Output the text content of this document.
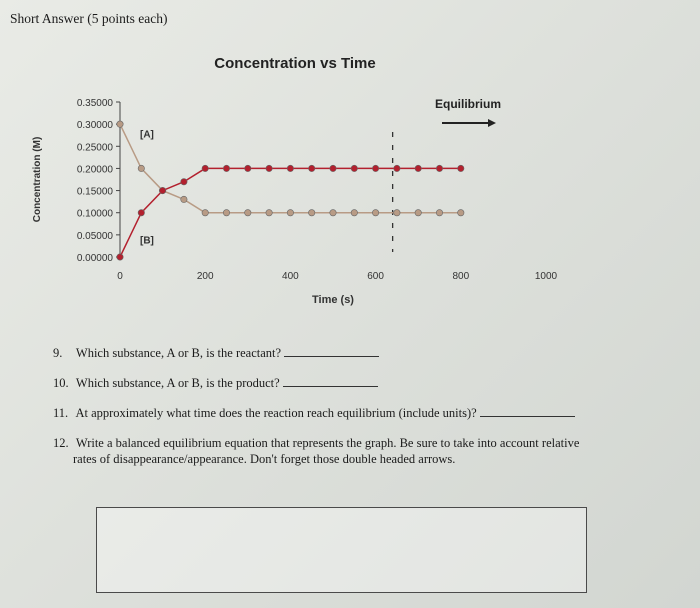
Short Answer (5 points each)
Concentration vs Time
0.00000
0.05000
0.10000
0.15000
0.20000
0.25000
0.30000
0.35000
0	200	400	600	800	1000
Time (s)
Concentration (M)
Equilibrium
[A]
[B]
9. Which substance, A or B, is the reactant?
10. Which substance, A or B, is the product?
11. At approximately what time does the reaction reach equilibrium (include units)?
12. Write a balanced equilibrium equation that represents the graph. Be sure to take into account relative
rates of disappearance/appearance. Don't forget those double headed arrows.
